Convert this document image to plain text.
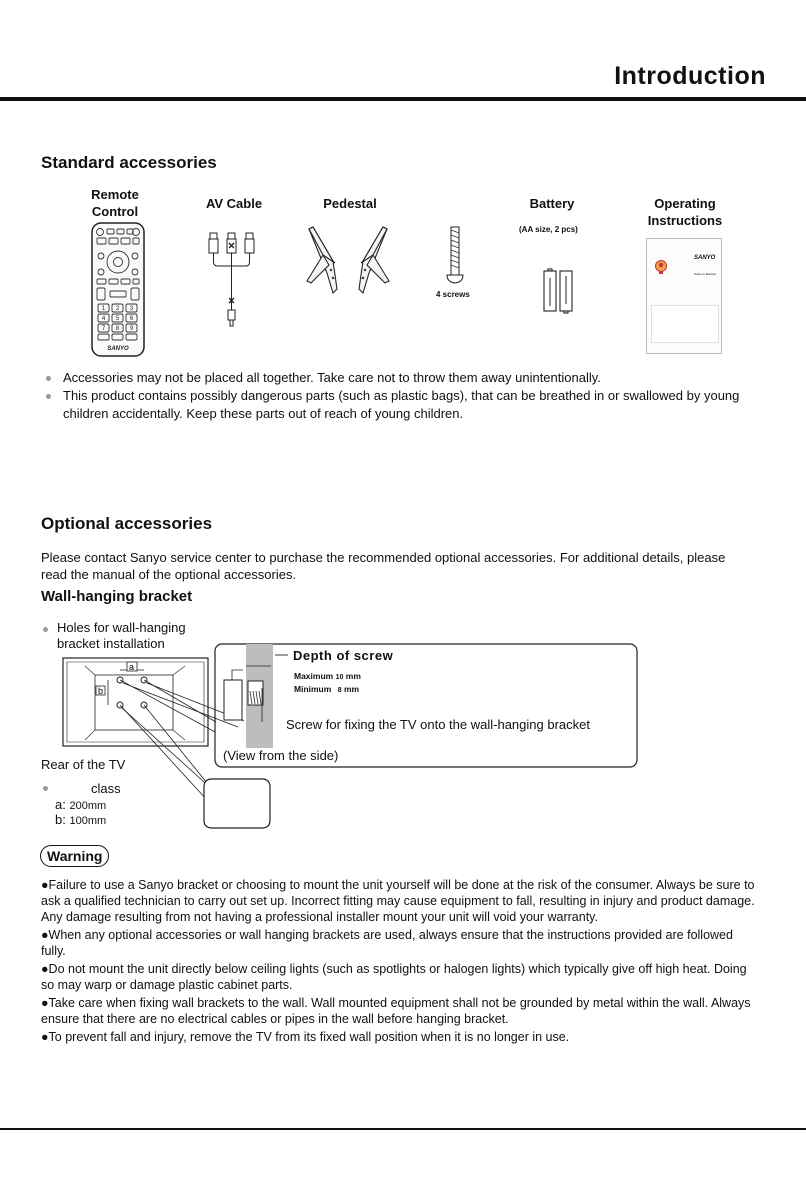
Introduction
Standard accessories
Remote Control
AV Cable	Pedestal	Battery	Operating Instructions
1 2 3
4 5 6
7 8 9
SANYO
4 screws
(AA size, 2 pcs)
SANYO
Owner's Manual
Accessories may not be placed all together. Take care not to throw them away unintentionally.
This product contains possibly dangerous parts (such as plastic bags), that can be breathed in or swallowed by young children accidentally. Keep these parts out of reach of young children.
Optional accessories
Please contact Sanyo service center to purchase the recommended optional accessories. For additional details, please read the manual of the optional accessories.
Wall-hanging bracket
Holes for wall-hanging bracket installation
a
b
Depth of screw
Maximum 10 mm
Minimum 8 mm
Screw for fixing the TV onto the wall-hanging bracket
(View from the side)
Rear of the TV
class
a: 200mm
b: 100mm
Warning
●Failure to use a Sanyo bracket or choosing to mount the unit yourself will be done at the risk of the consumer. Always be sure to ask a qualified technician to carry out set up. Incorrect fitting may cause equipment to fall, resulting in injury and product damage. Any damage resulting from not having a professional installer mount your unit will void your warranty.
●When any optional accessories or wall hanging brackets are used, always ensure that the instructions provided are followed fully.
●Do not mount the unit directly below ceiling lights (such as spotlights or halogen lights) which typically give off high heat. Doing so may warp or damage plastic cabinet parts.
●Take care when fixing wall brackets to the wall. Wall mounted equipment shall not be grounded by metal within the wall. Always ensure that there are no electrical cables or pipes in the wall before hanging bracket.
●To prevent fall and injury, remove the TV from its fixed wall position when it is no longer in use.
